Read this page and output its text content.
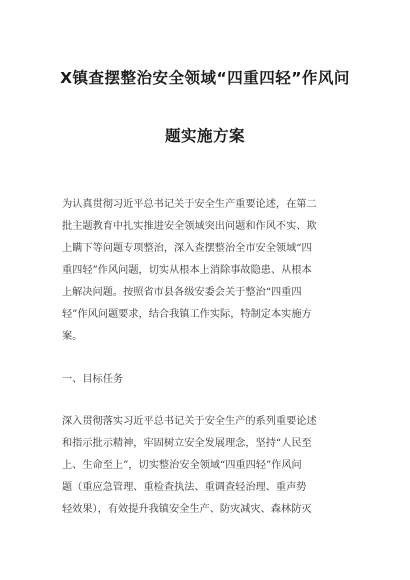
X镇查摆整治安全领域“四重四轻”作风问
题实施方案
为认真贯彻习近平总书记关于安全生产重要论述，在第二
批主题教育中扎实推进安全领域突出问题和作风不实、欺
上瞒下等问题专项整治，深入查摆整治全市安全领域“四
重四轻”作风问题，切实从根本上消除事故隐患、从根本
上解决问题。按照省市县各级安委会关于整治“四重四
轻”作风问题要求，结合我镇工作实际，特制定本实施方
案。
一、目标任务
深入贯彻落实习近平总书记关于安全生产的系列重要论述
和指示批示精神，牢固树立安全发展理念，坚持“人民至
上、生命至上”，切实整治安全领域“四重四轻”作风问
题（重应急管理、重检查执法、重调查轻治理、重声势
轻效果），有效提升我镇安全生产、防灾减灾、森林防灭
